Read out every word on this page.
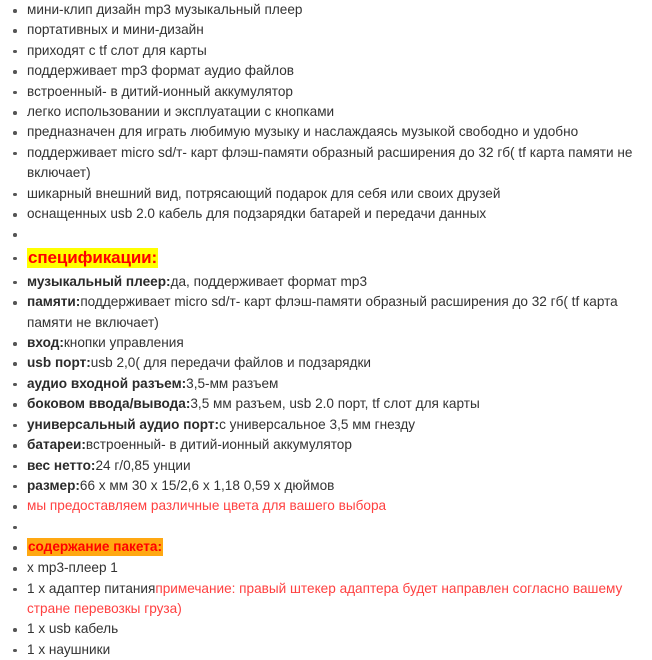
мини-клип дизайн mp3 музыкальный плеер
портативных и мини-дизайн
приходят с tf слот для карты
поддерживает mp3 формат аудио файлов
встроенный- в дитий-ионный аккумулятор
легко использовании и эксплуатации с кнопками
предназначен для играть любимую музыку и наслаждаясь музыкой свободно и удобно
поддерживает micro sd/т- карт флэш-памяти образный расширения до 32 гб( tf карта памяти не включает)
шикарный внешний вид, потрясающий подарок для себя или своих друзей
оснащенных usb 2.0 кабель для подзарядки батарей и передачи данных
спецификации:
музыкальный плеер:да, поддерживает формат mp3
памяти:поддерживает micro sd/т- карт флэш-памяти образный расширения до 32 гб( tf карта памяти не включает)
вход:кнопки управления
usb порт:usb 2,0( для передачи файлов и подзарядки
аудио входной разъем:3,5-мм разъем
боковом ввода/вывода:3,5 мм разъем, usb 2.0 порт, tf слот для карты
универсальный аудио порт:с универсальное 3,5 мм гнезду
батареи:встроенный- в дитий-ионный аккумулятор
вес нетто:24 г/0,85 унции
размер:66 х мм 30 х 15/2,6 х 1,18 0,59 х дюймов
мы предоставляем различные цвета для вашего выбора
содержание пакета:
x mp3-плеер 1
1 х адаптер питанияпримечание: правый штекер адаптера будет направлен согласно вашему стране перевозкы груза)
1 x usb кабель
1 x наушники
